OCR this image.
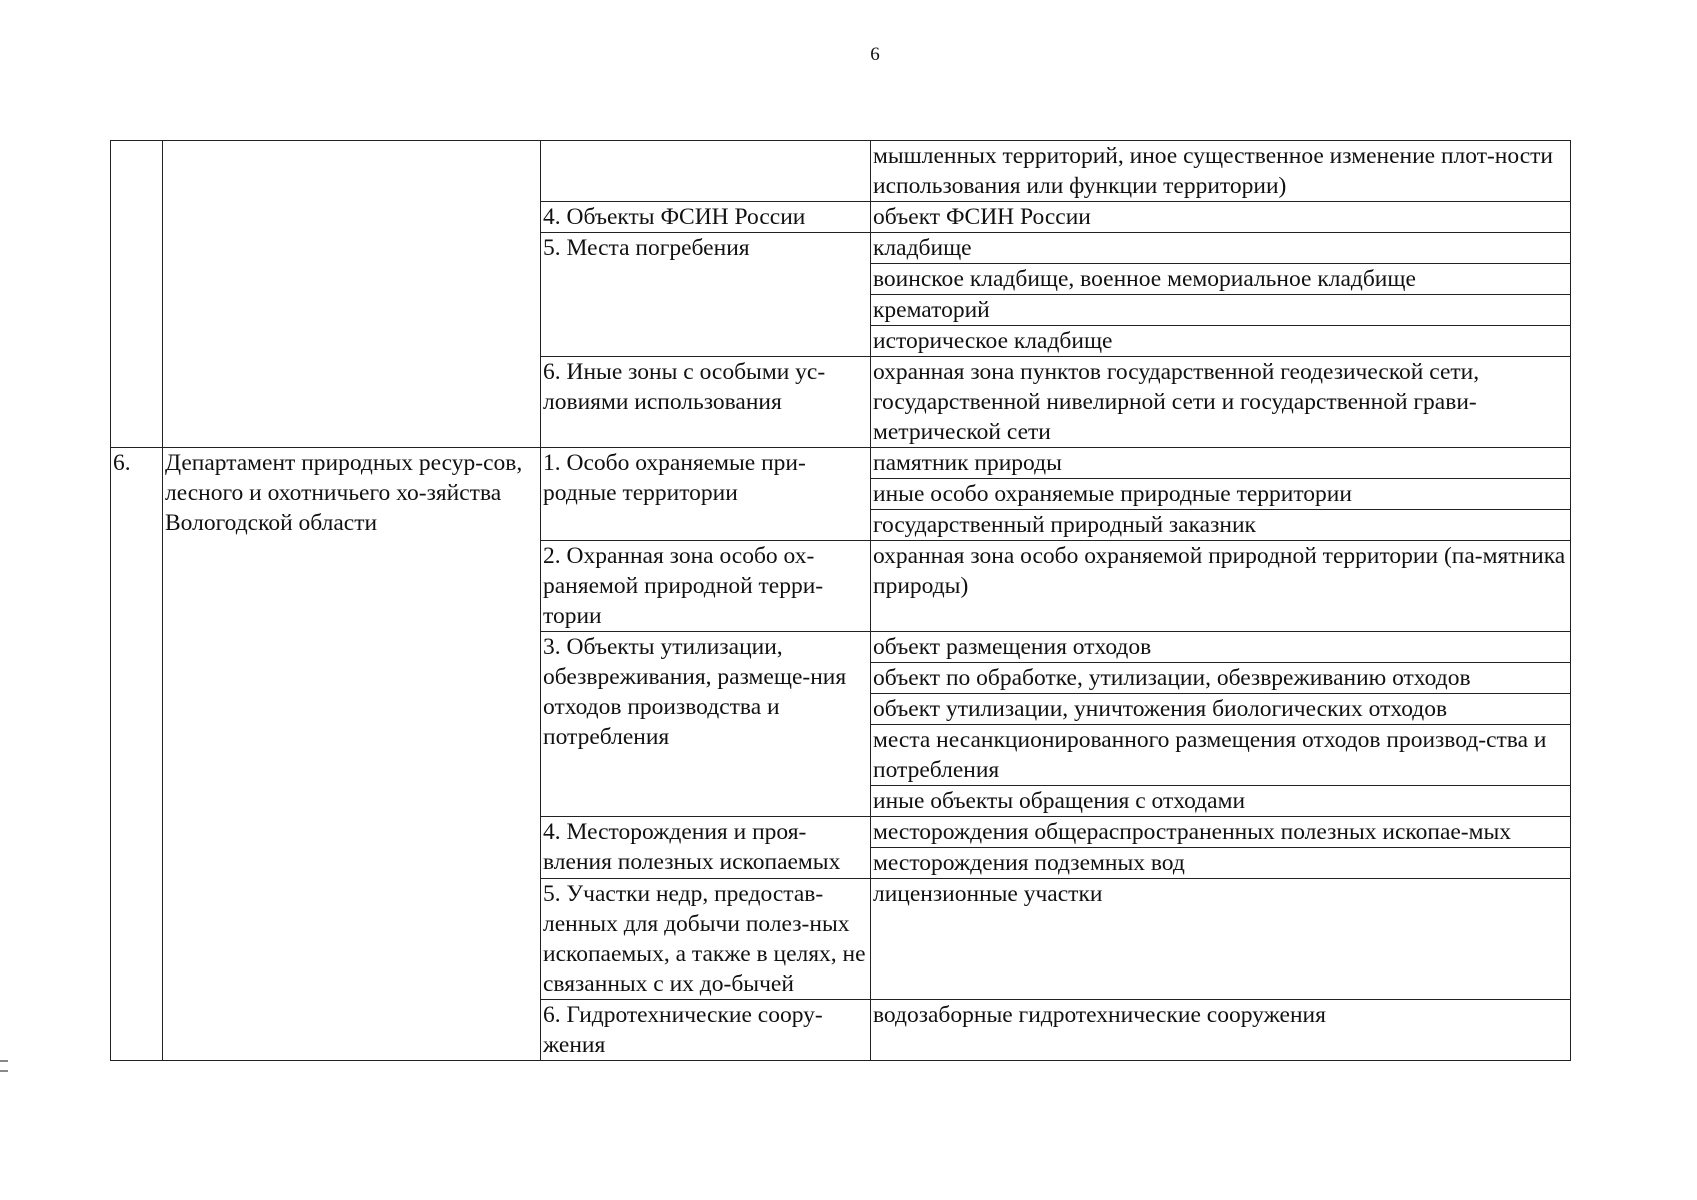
6
			мышленных территорий, иное существенное изменение плот-ности использования или функции территории)
		4. Объекты ФСИН России	объект ФСИН России
		5. Места погребения	кладбище
			воинское кладбище, военное мемориальное кладбище
			крематорий
			историческое кладбище
		6. Иные зоны с особыми ус-ловиями использования	охранная зона пунктов государственной геодезической сети, государственной нивелирной сети и государственной грави-метрической сети
6.	Департамент природных ресур-сов, лесного и охотничьего хо-зяйства Вологодской области	1. Особо охраняемые при-родные территории	памятник природы
			иные особо охраняемые природные территории
			государственный природный заказник
		2. Охранная зона особо ох-раняемой природной терри-тории	охранная зона особо охраняемой природной территории (па-мятника природы)
		3. Объекты утилизации, обезвреживания, размеще-ния отходов производства и потребления	объект размещения отходов
			объект по обработке, утилизации, обезвреживанию отходов
			объект утилизации, уничтожения биологических отходов
			места несанкционированного размещения отходов производ-ства и потребления
			иные объекты обращения с отходами
		4. Месторождения и проя-вления полезных ископаемых	месторождения общераспространенных полезных ископае-мых
			месторождения подземных вод
		5. Участки недр, предостав-ленных для добычи полез-ных ископаемых, а также в целях, не связанных с их до-бычей	лицензионные участки
		6. Гидротехнические соору-жения	водозаборные гидротехнические сооружения
